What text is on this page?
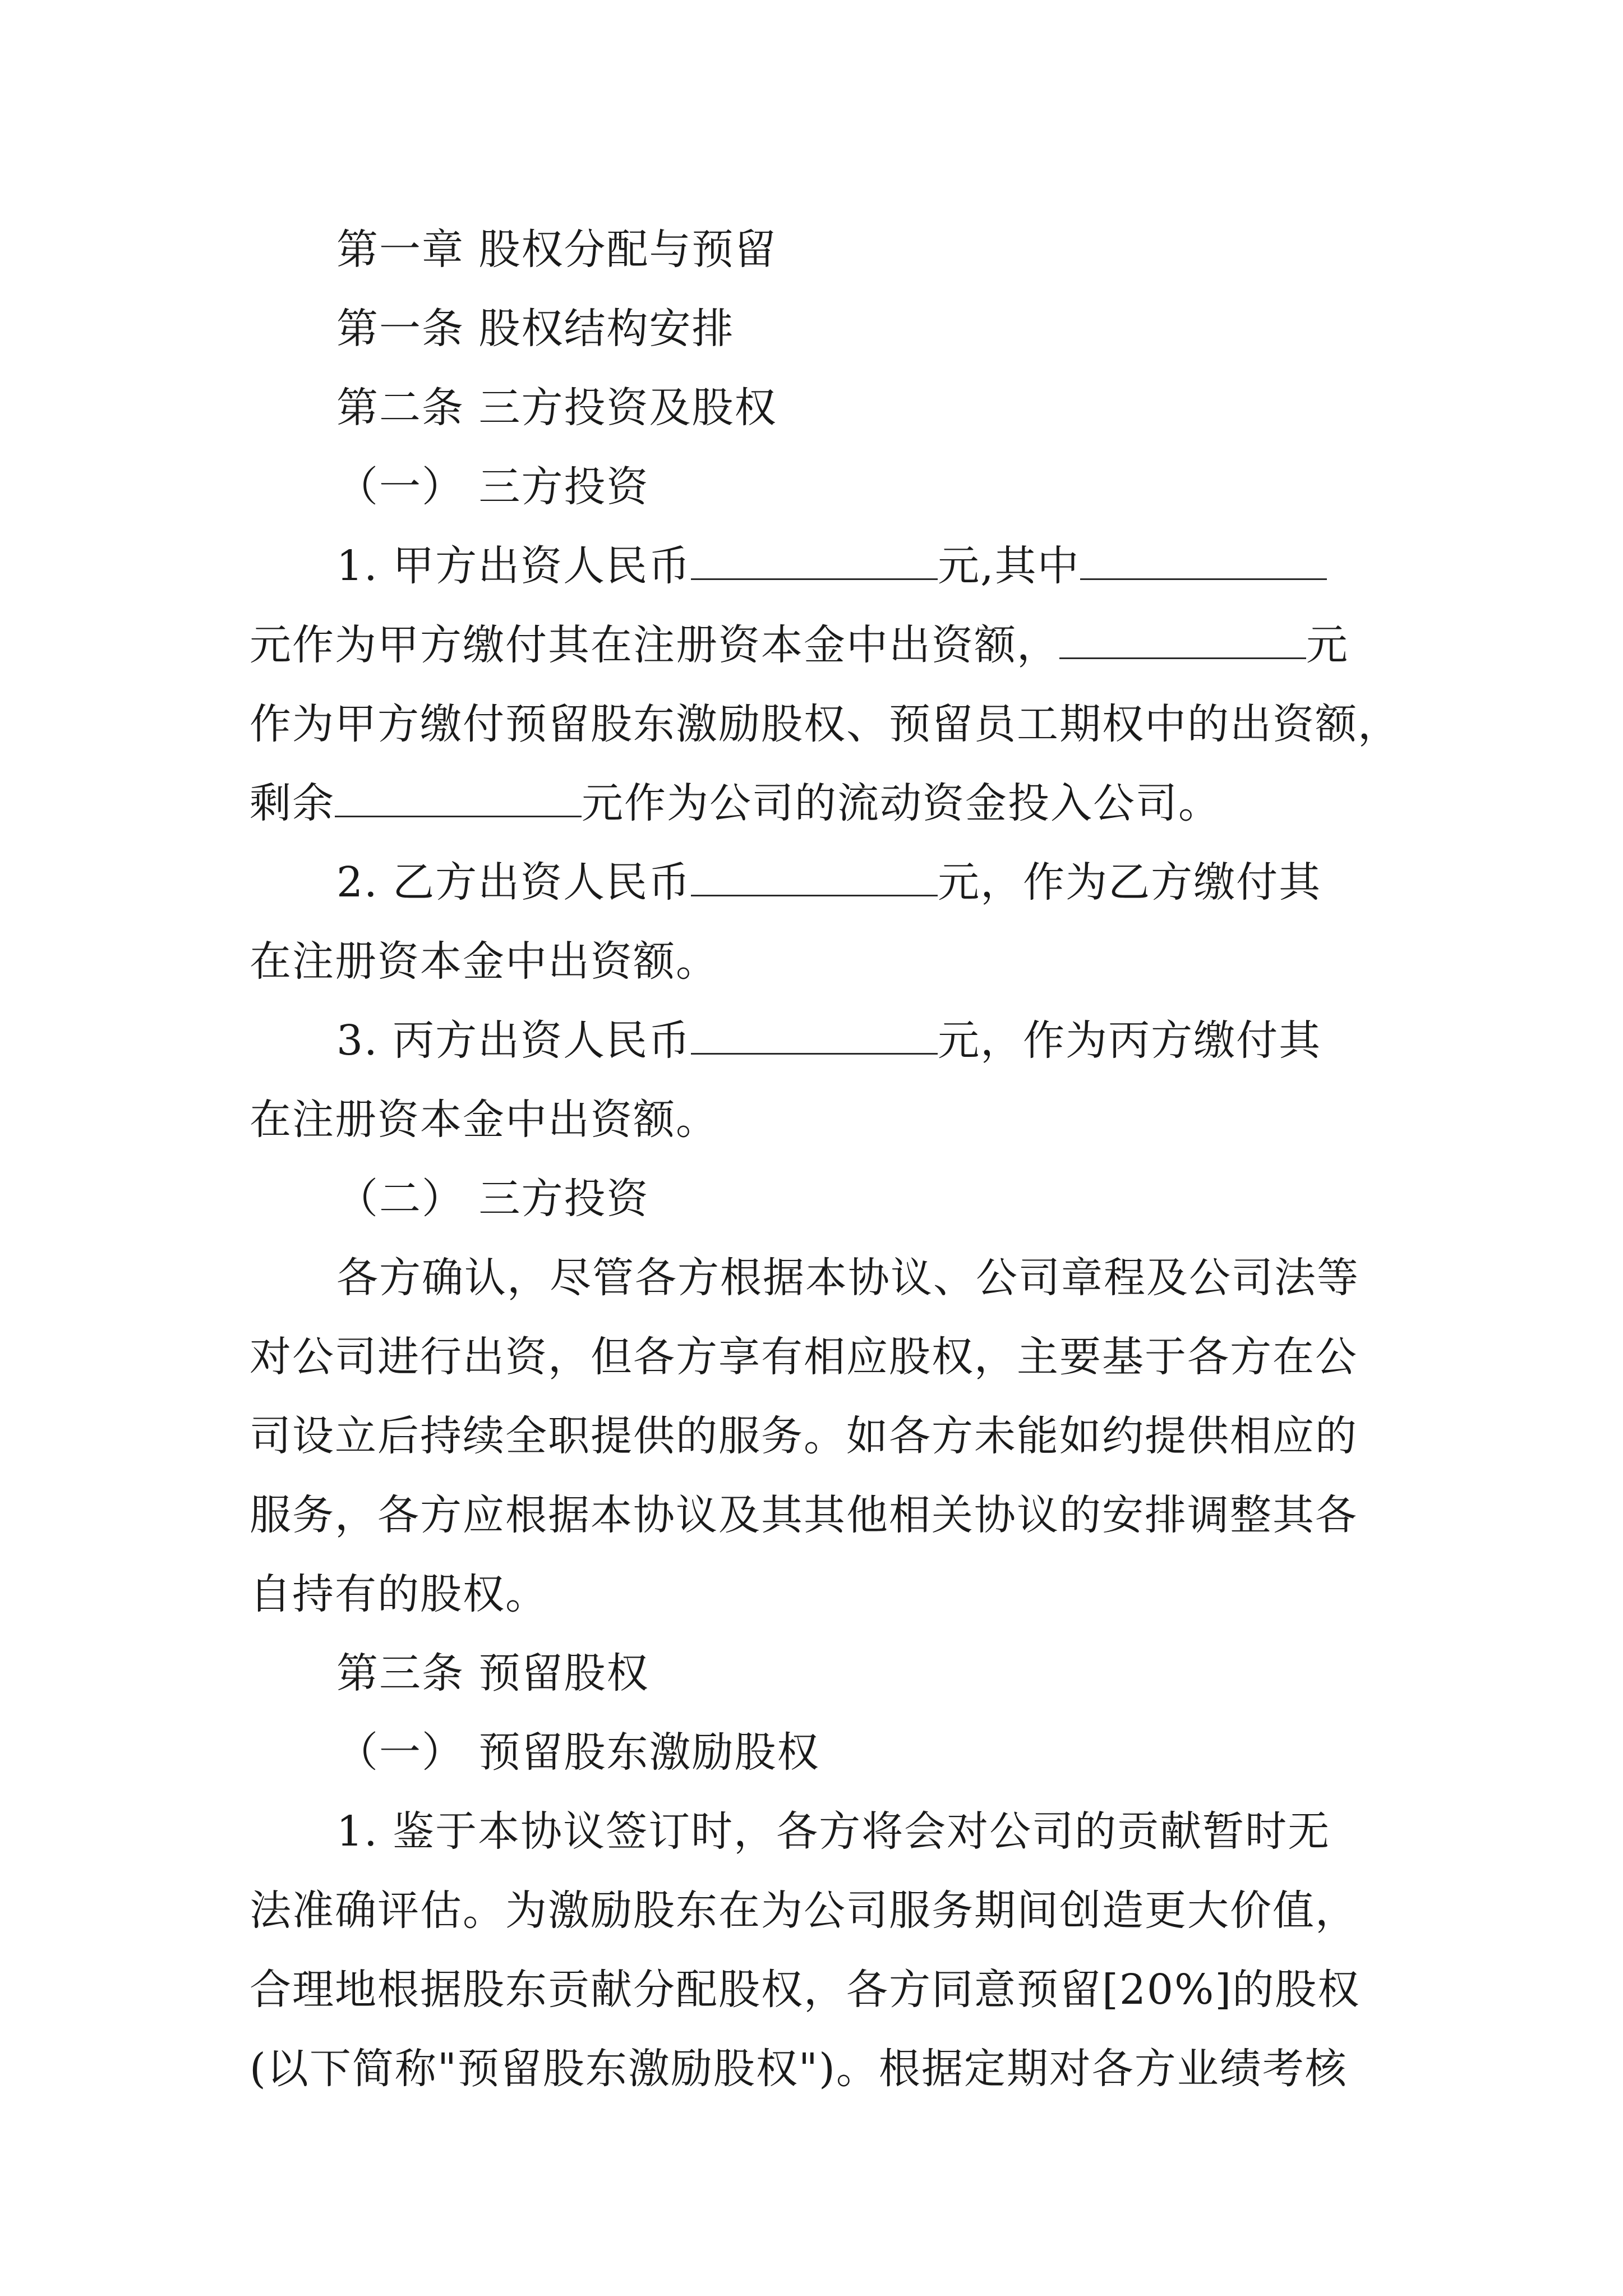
第一章 股权分配与预留
第一条 股权结构安排
第二条 三方投资及股权
（一） 三方投资
1. 甲方出资人民币	元,其中
元作为甲方缴付其在注册资本金中出资额，	元
作为甲方缴付预留股东激励股权、预留员工期权中的出资额，
剩余	元作为公司的流动资金投入公司。
2. 乙方出资人民币	元，作为乙方缴付其
在注册资本金中出资额。
3. 丙方出资人民币	元，作为丙方缴付其
在注册资本金中出资额。
（二） 三方投资
各方确认，尽管各方根据本协议、公司章程及公司法等
对公司进行出资，但各方享有相应股权，主要基于各方在公
司设立后持续全职提供的服务。如各方未能如约提供相应的
服务，各方应根据本协议及其其他相关协议的安排调整其各
自持有的股权。
第三条 预留股权
（一） 预留股东激励股权
1. 鉴于本协议签订时，各方将会对公司的贡献暂时无
法准确评估。为激励股东在为公司服务期间创造更大价值，
合理地根据股东贡献分配股权，各方同意预留[20%]的股权
(以下简称"预留股东激励股权")。根据定期对各方业绩考核
